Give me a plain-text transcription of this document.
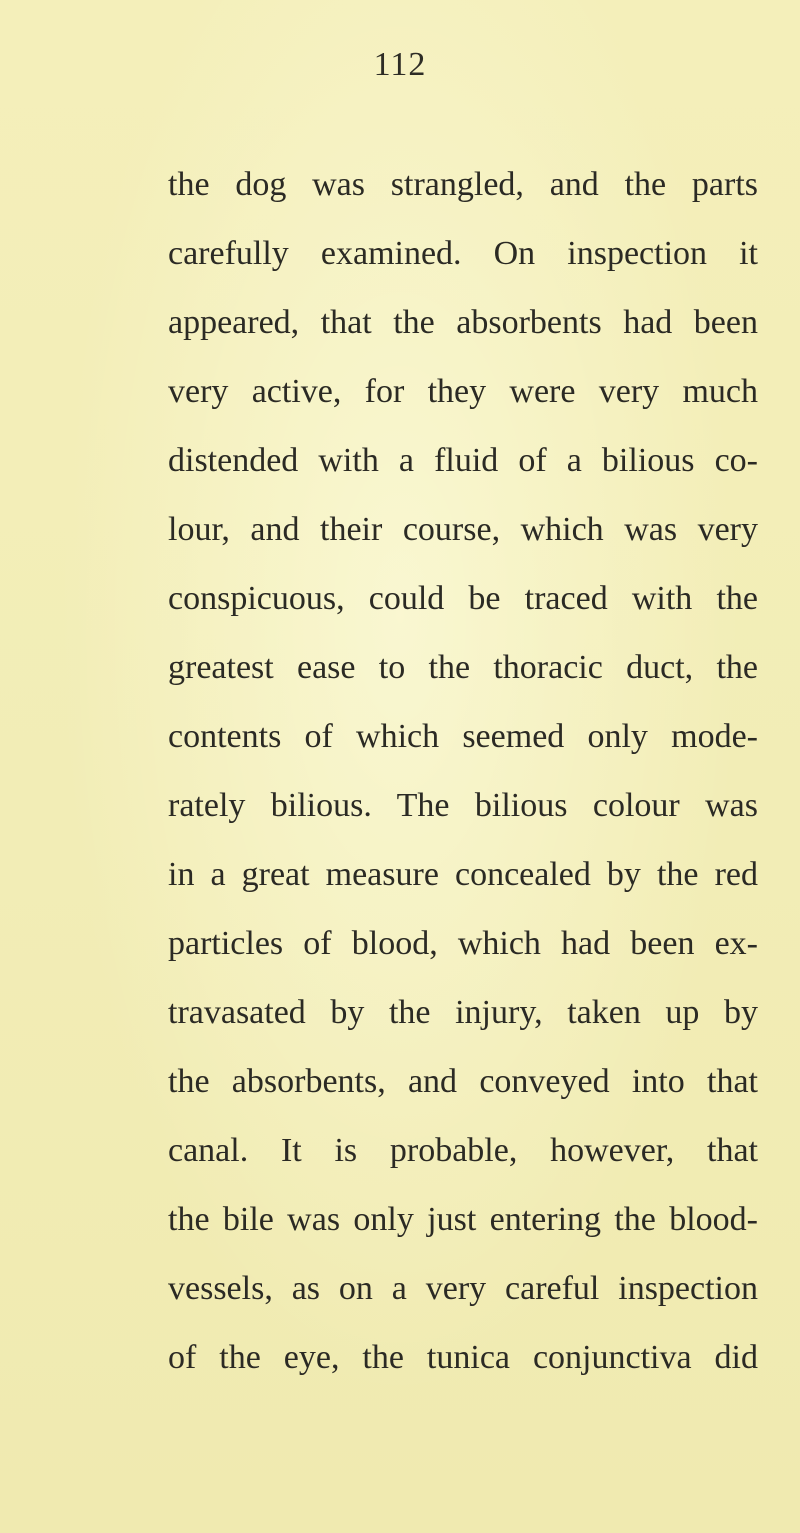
112
the dog was strangled, and the parts
carefully examined. On inspection it
appeared, that the absorbents had been
very active, for they were very much
distended with a fluid of a bilious co-
lour, and their course, which was very
conspicuous, could be traced with the
greatest ease to the thoracic duct, the
contents of which seemed only mode-
rately bilious. The bilious colour was
in a great measure concealed by the red
particles of blood, which had been ex-
travasated by the injury, taken up by
the absorbents, and conveyed into that
canal. It is probable, however, that
the bile was only just entering the blood-
vessels, as on a very careful inspection
of the eye, the tunica conjunctiva did
